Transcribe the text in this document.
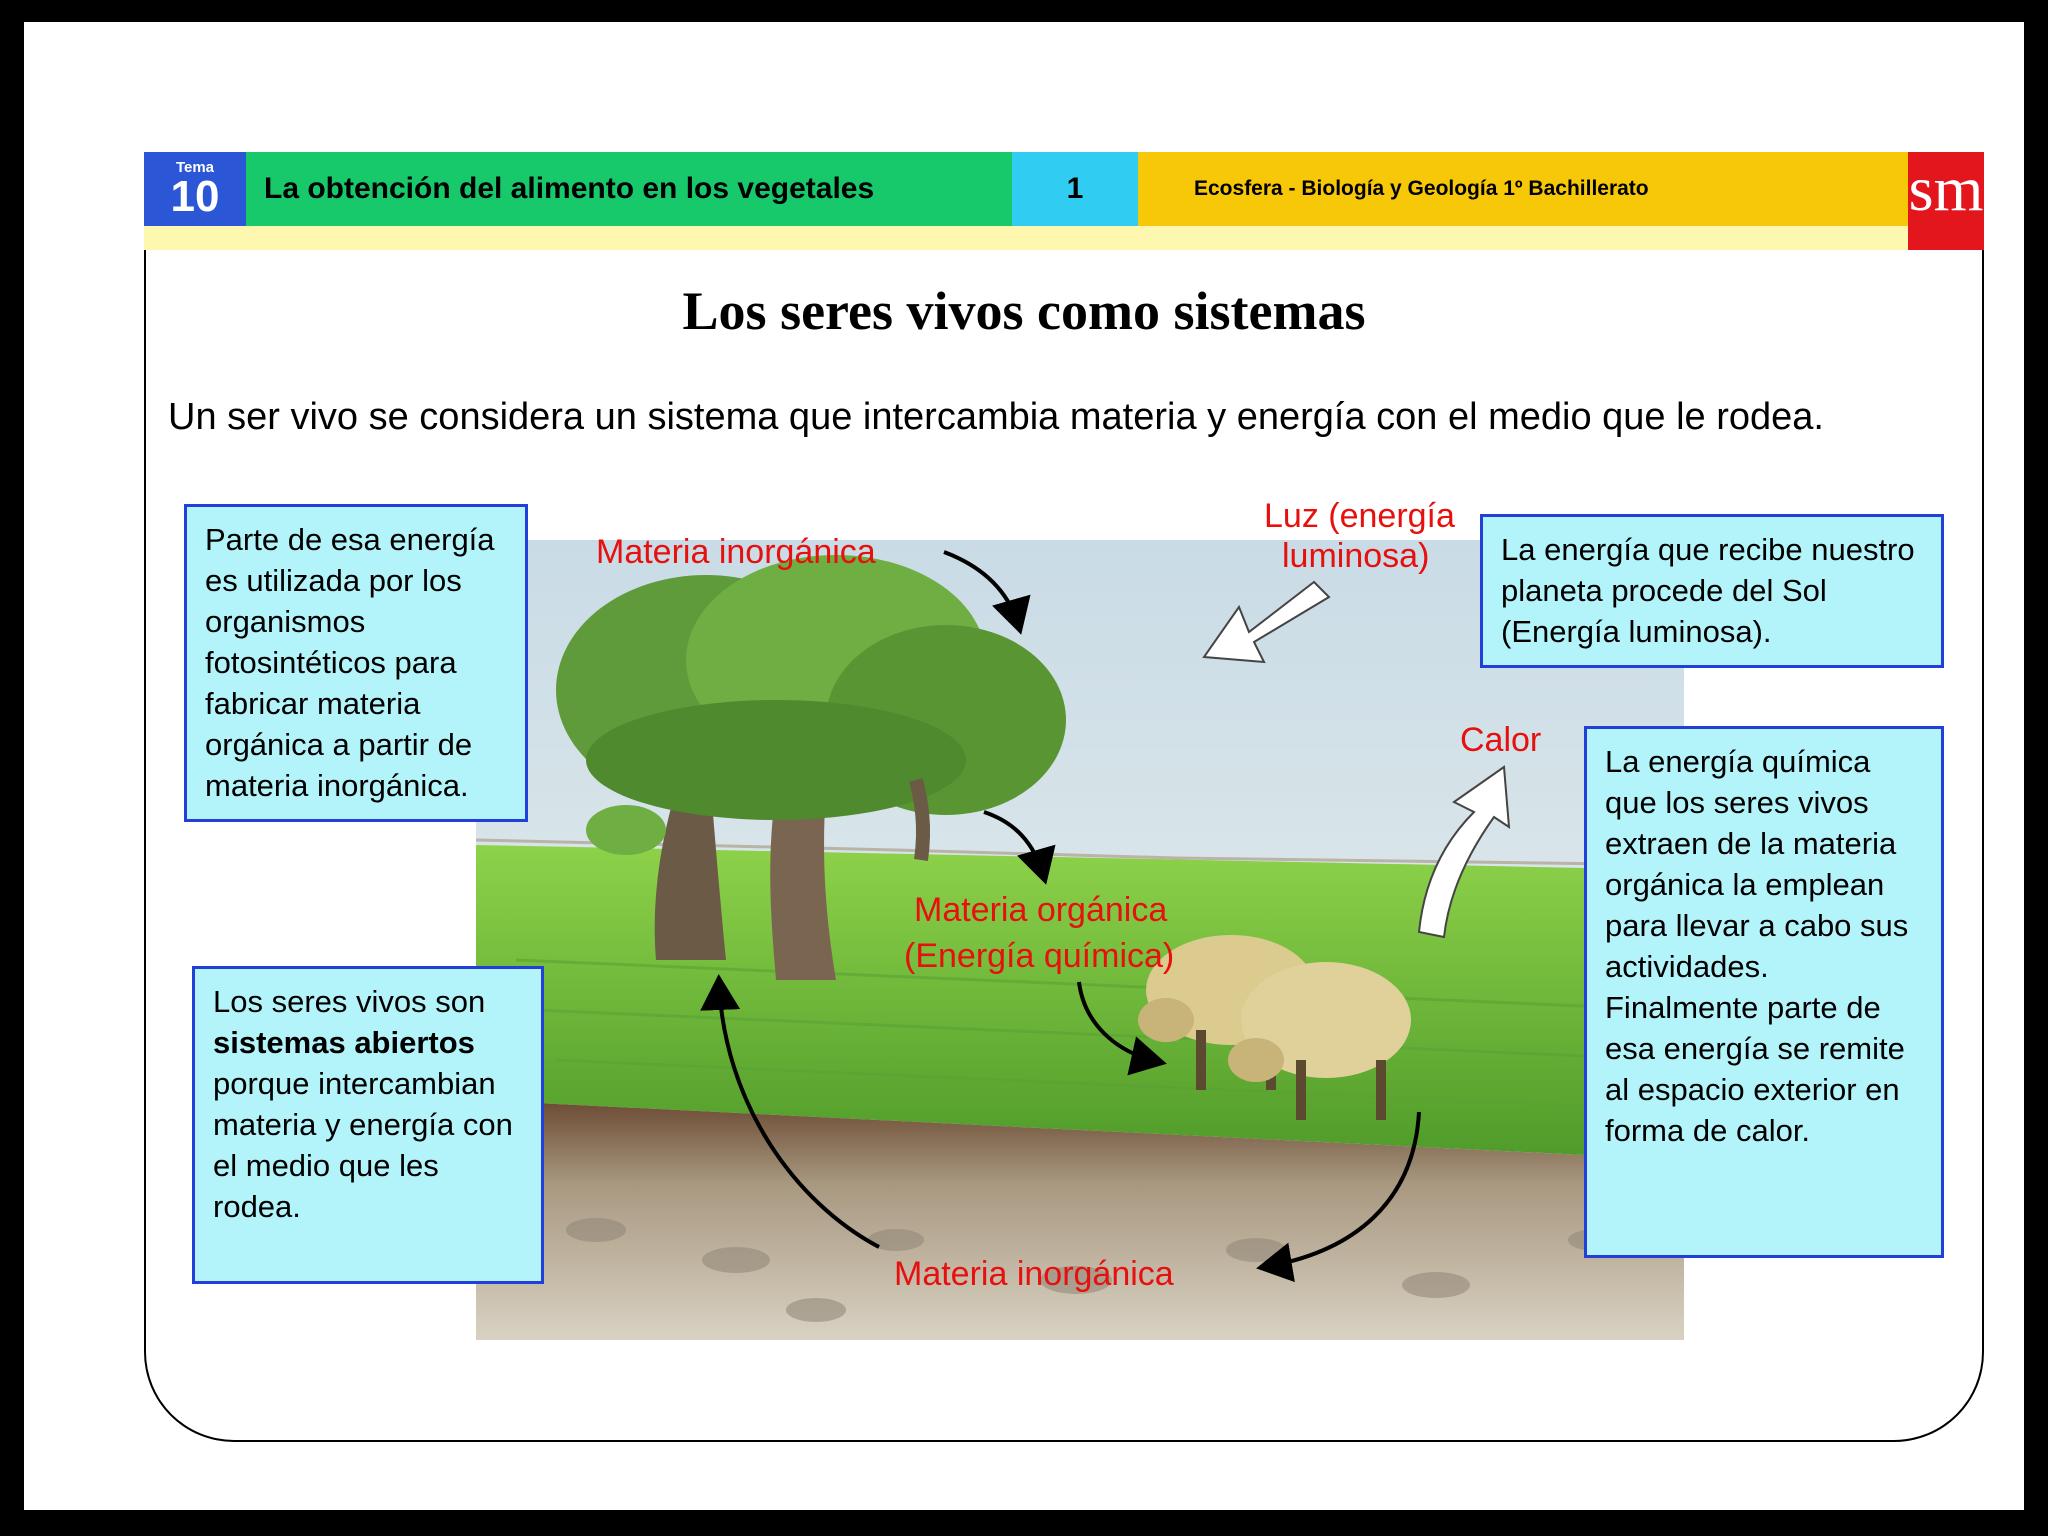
Tema
10	La obtención del alimento en los vegetales	1	Ecosfera - Biología y Geología 1º Bachillerato	sm
Los seres vivos como sistemas
Un ser vivo se considera un sistema que intercambia materia y energía con el medio que le rodea.
Materia inorgánica
Luz (energía
luminosa)
Calor
Materia orgánica
(Energía química)
Materia inorgánica
Parte de esa energía es utilizada por los organismos fotosintéticos para fabricar materia orgánica a partir de materia inorgánica.
Los seres vivos son
sistemas abiertos
porque intercambian materia y energía con el medio que les rodea.
La energía que recibe nuestro planeta procede del Sol (Energía luminosa).
La energía química que los seres vivos extraen de la materia orgánica la emplean para llevar a cabo sus actividades. Finalmente parte de esa energía se remite al espacio exterior en forma de calor.
